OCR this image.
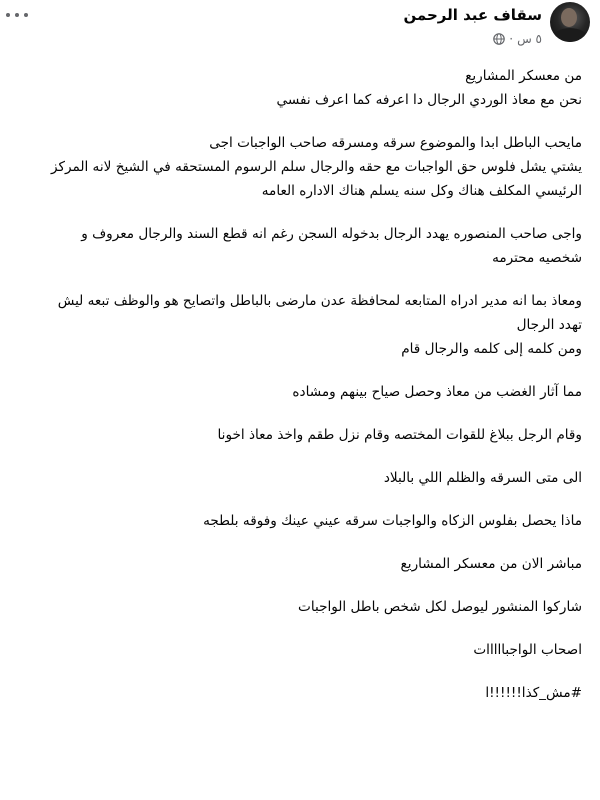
سقاف عبد الرحمن
٥ س
·
من معسكر المشاريع
نحن مع معاذ الوردي الرجال دا اعرفه كما اعرف نفسي
مايحب الباطل ابدا والموضوع سرقه ومسرقه صاحب الواجبات اجى
يشتي يشل فلوس حق الواجبات مع حقه والرجال سلم الرسوم المستحقه في الشيخ لانه المركز
الرئيسي المكلف هناك وكل سنه يسلم هناك الاداره العامه
واجى صاحب المنصوره يهدد الرجال بدخوله السجن رغم انه قطع السند والرجال معروف و
شخصيه محترمه
ومعاذ بما انه مدير ادراه المتابعه لمحافظة عدن مارضى بالباطل واتصايح هو والوظف تبعه ليش
تهدد الرجال
ومن كلمه إلى كلمه والرجال قام
مما آثار الغضب من معاذ وحصل صياح بينهم ومشاده
وقام الرجل ببلاغ للقوات المختصه وقام نزل طقم واخذ معاذ اخونا
الى متى السرقه والظلم اللي بالبلاد
ماذا يحصل بفلوس الزكاه والواجبات سرقه عيني عينك وفوقه بلطجه
مباشر الان من معسكر المشاريع
شاركوا المنشور ليوصل لكل شخص باطل الواجبات
اصحاب الواجبااااات
#مش_كذا!!!!!!ا
